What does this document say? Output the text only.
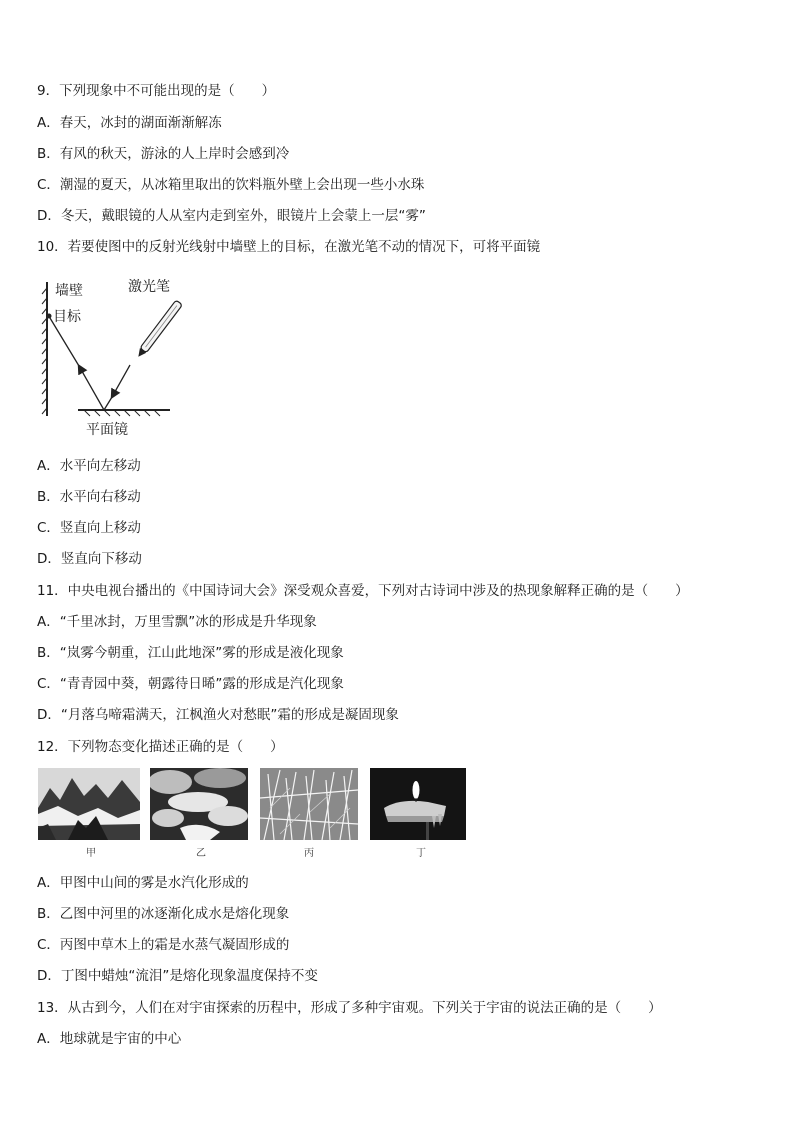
9．下列现象中不可能出现的是（　　）
A．春天，冰封的湖面渐渐解冻
B．有风的秋天，游泳的人上岸时会感到冷
C．潮湿的夏天，从冰箱里取出的饮料瓶外壁上会出现一些小水珠
D．冬天，戴眼镜的人从室内走到室外，眼镜片上会蒙上一层“雾”
10．若要使图中的反射光线射中墙壁上的目标，在激光笔不动的情况下，可将平面镜
墙壁
目标
激光笔
平面镜
A．水平向左移动
B．水平向右移动
C．竖直向上移动
D．竖直向下移动
11．中央电视台播出的《中国诗词大会》深受观众喜爱，下列对古诗词中涉及的热现象解释正确的是（　　）
A．“千里冰封，万里雪飘”冰的形成是升华现象
B．“岚雾今朝重，江山此地深”雾的形成是液化现象
C．“青青园中葵，朝露待日晞”露的形成是汽化现象
D．“月落乌啼霜满天，江枫渔火对愁眠”霜的形成是凝固现象
12．下列物态变化描述正确的是（　　）
甲	乙	丙	丁
A．甲图中山间的雾是水汽化形成的
B．乙图中河里的冰逐渐化成水是熔化现象
C．丙图中草木上的霜是水蒸气凝固形成的
D．丁图中蜡烛“流泪”是熔化现象温度保持不变
13．从古到今，人们在对宇宙探索的历程中，形成了多种宇宙观。下列关于宇宙的说法正确的是（　　）
A．地球就是宇宙的中心
